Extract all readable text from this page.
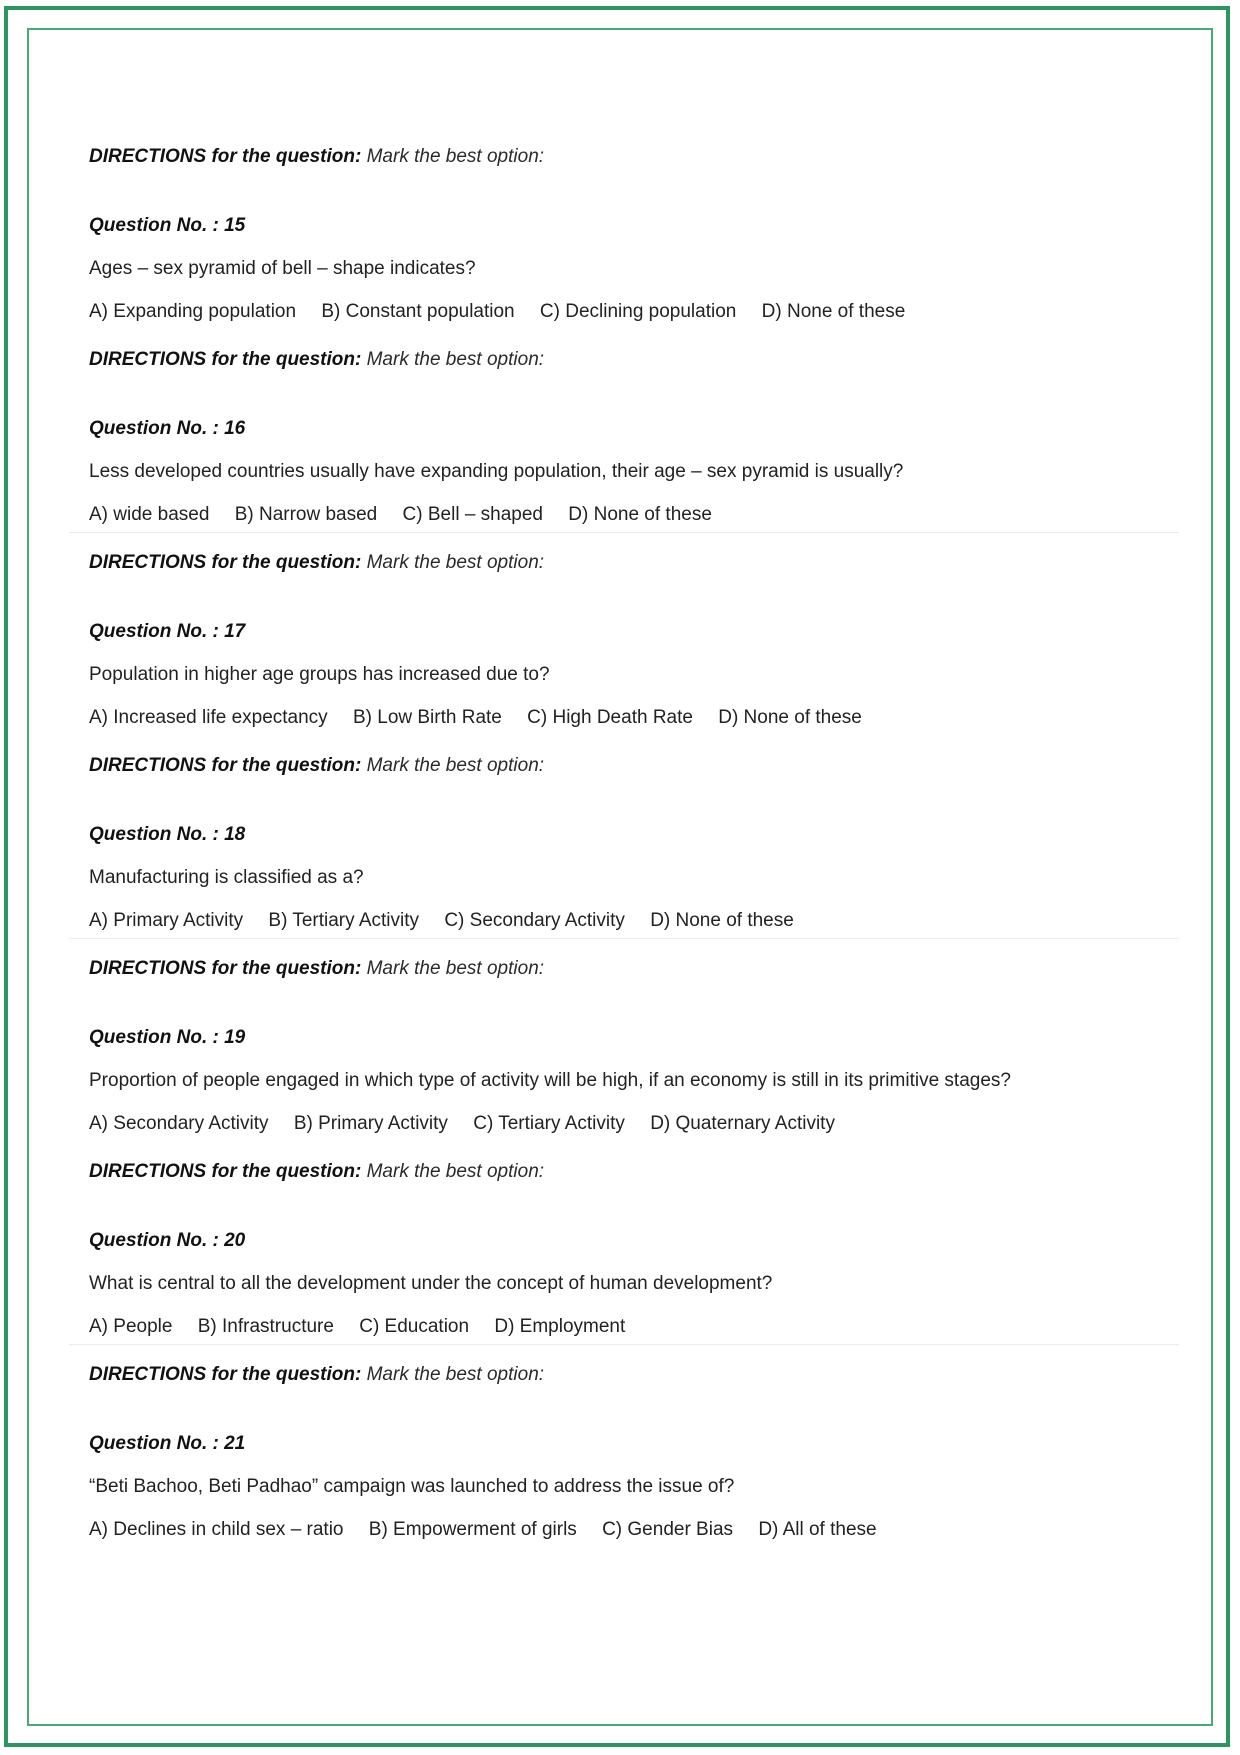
DIRECTIONS for the question: Mark the best option:
Question No. : 15
Ages – sex pyramid of bell – shape indicates?
A) Expanding population B) Constant population C) Declining population D) None of these
DIRECTIONS for the question: Mark the best option:
Question No. : 16
Less developed countries usually have expanding population, their age – sex pyramid is usually?
A) wide based B) Narrow based C) Bell – shaped D) None of these
DIRECTIONS for the question: Mark the best option:
Question No. : 17
Population in higher age groups has increased due to?
A) Increased life expectancy B) Low Birth Rate C) High Death Rate D) None of these
DIRECTIONS for the question: Mark the best option:
Question No. : 18
Manufacturing is classified as a?
A) Primary Activity B) Tertiary Activity C) Secondary Activity D) None of these
DIRECTIONS for the question: Mark the best option:
Question No. : 19
Proportion of people engaged in which type of activity will be high, if an economy is still in its primitive stages?
A) Secondary Activity B) Primary Activity C) Tertiary Activity D) Quaternary Activity
DIRECTIONS for the question: Mark the best option:
Question No. : 20
What is central to all the development under the concept of human development?
A) People B) Infrastructure C) Education D) Employment
DIRECTIONS for the question: Mark the best option:
Question No. : 21
“Beti Bachoo, Beti Padhao” campaign was launched to address the issue of?
A) Declines in child sex – ratio B) Empowerment of girls C) Gender Bias D) All of these
